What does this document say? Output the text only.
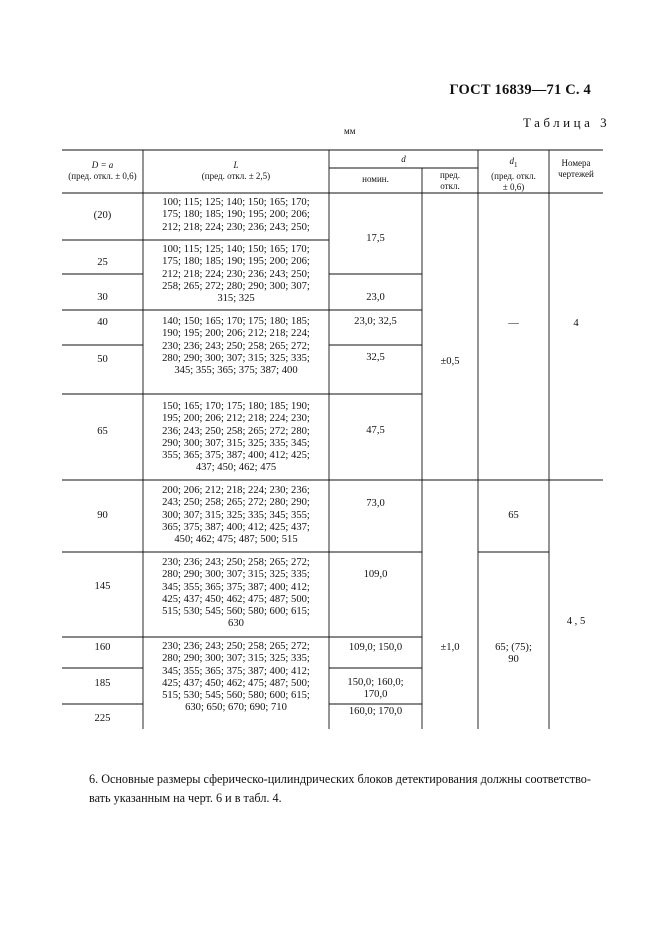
ГОСТ 16839—71 С. 4
Таблица 3
мм
D = a
(пред. откл. ± 0,6)
L
(пред. откл. ± 2,5)
d
номин.	пред.
откл.
$d_1$
(пред. откл.
± 0,6)
Номера
чертежей
(20)
25
30
40
50
65
90
145
160
185
225
100; 115; 125; 140; 150; 165; 170;
175; 180; 185; 190; 195; 200; 206;
212; 218; 224; 230; 236; 243; 250;
100; 115; 125; 140; 150; 165; 170;
175; 180; 185; 190; 195; 200; 206;
212; 218; 224; 230; 236; 243; 250;
258; 265; 272; 280; 290; 300; 307;
315; 325
140; 150; 165; 170; 175; 180; 185;
190; 195; 200; 206; 212; 218; 224;
230; 236; 243; 250; 258; 265; 272;
280; 290; 300; 307; 315; 325; 335;
345; 355; 365; 375; 387; 400
150; 165; 170; 175; 180; 185; 190;
195; 200; 206; 212; 218; 224; 230;
236; 243; 250; 258; 265; 272; 280;
290; 300; 307; 315; 325; 335; 345;
355; 365; 375; 387; 400; 412; 425;
437; 450; 462; 475
200; 206; 212; 218; 224; 230; 236;
243; 250; 258; 265; 272; 280; 290;
300; 307; 315; 325; 335; 345; 355;
365; 375; 387; 400; 412; 425; 437;
450; 462; 475; 487; 500; 515
230; 236; 243; 250; 258; 265; 272;
280; 290; 300; 307; 315; 325; 335;
345; 355; 365; 375; 387; 400; 412;
425; 437; 450; 462; 475; 487; 500;
515; 530; 545; 560; 580; 600; 615;
630
230; 236; 243; 250; 258; 265; 272;
280; 290; 300; 307; 315; 325; 335;
345; 355; 365; 375; 387; 400; 412;
425; 437; 450; 462; 475; 487; 500;
515; 530; 545; 560; 580; 600; 615;
630; 650; 670; 690; 710
17,5
23,0
23,0; 32,5
32,5
47,5
73,0
109,0
109,0; 150,0
150,0; 160,0;
170,0
160,0; 170,0
±0,5
±1,0
—
65
65; (75);
90
4
4 , 5
6. Основные размеры сферическо-цилиндрических блоков детектирования должны соответство-вать указанным на черт. 6 и в табл. 4.
